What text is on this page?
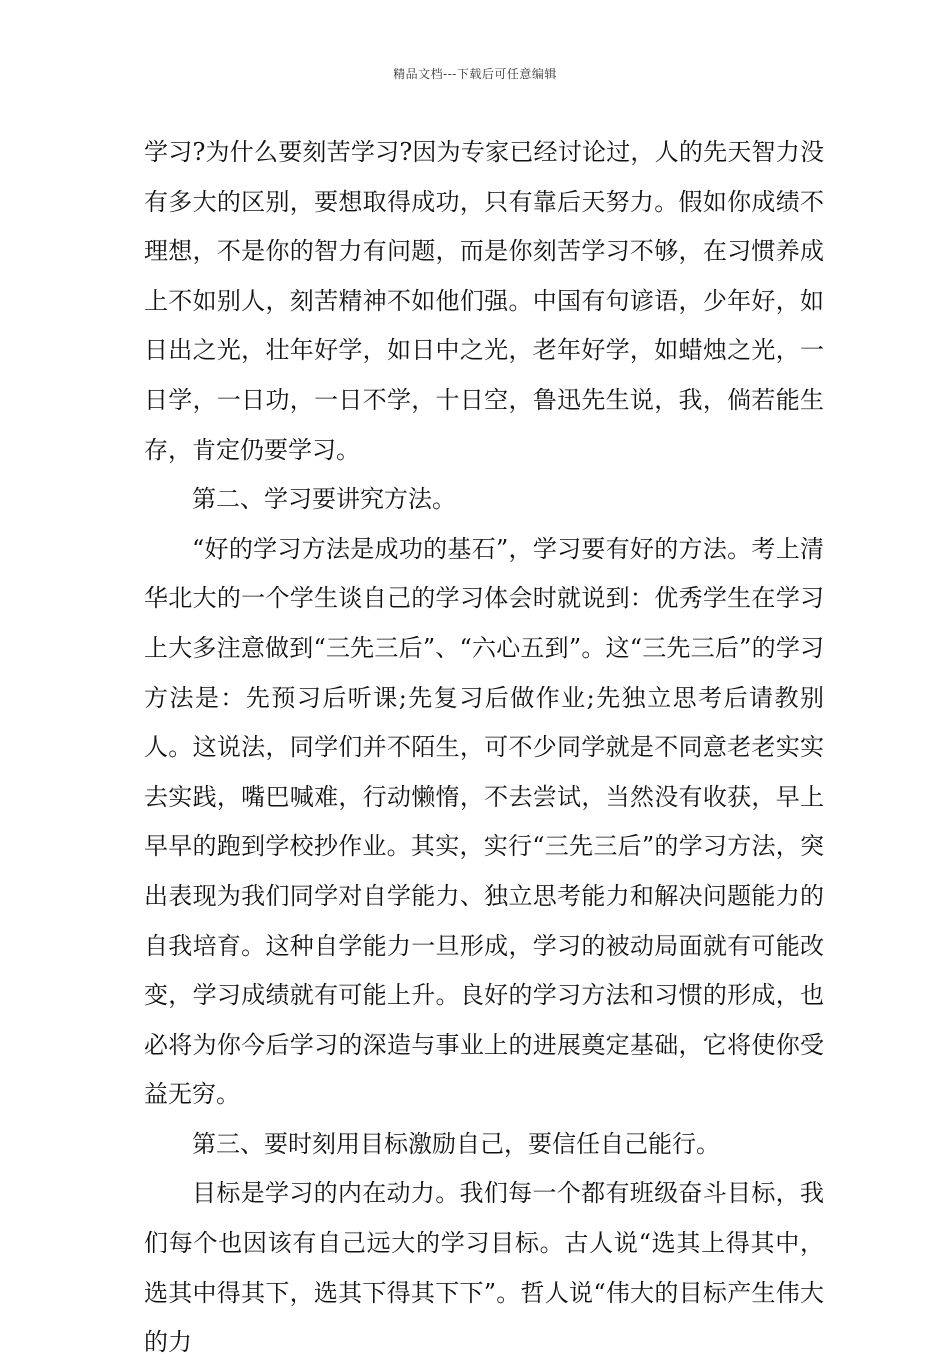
精品文档---下载后可任意编辑

学习?为什么要刻苦学习?因为专家已经讨论过，人的先天智力没有多大的区别，要想取得成功，只有靠后天努力。假如你成绩不理想，不是你的智力有问题，而是你刻苦学习不够，在习惯养成上不如别人，刻苦精神不如他们强。中国有句谚语，少年好，如日出之光，壮年好学，如日中之光，老年好学，如蜡烛之光，一日学，一日功，一日不学，十日空，鲁迅先生说，我，倘若能生存，肯定仍要学习。

第二、学习要讲究方法。

“好的学习方法是成功的基石”，学习要有好的方法。考上清华北大的一个学生谈自己的学习体会时就说到：优秀学生在学习上大多注意做到“三先三后”、“六心五到”。这“三先三后”的学习方法是：先预习后听课;先复习后做作业;先独立思考后请教别人。这说法，同学们并不陌生，可不少同学就是不同意老老实实去实践，嘴巴喊难，行动懒惰，不去尝试，当然没有收获，早上早早的跑到学校抄作业。其实，实行“三先三后”的学习方法，突出表现为我们同学对自学能力、独立思考能力和解决问题能力的自我培育。这种自学能力一旦形成，学习的被动局面就有可能改变，学习成绩就有可能上升。良好的学习方法和习惯的形成，也必将为你今后学习的深造与事业上的进展奠定基础，它将使你受益无穷。

第三、要时刻用目标激励自己，要信任自己能行。

目标是学习的内在动力。我们每一个都有班级奋斗目标，我们每个也因该有自己远大的学习目标。古人说“选其上得其中，选其中得其下，选其下得其下下”。哲人说“伟大的目标产生伟大的力
